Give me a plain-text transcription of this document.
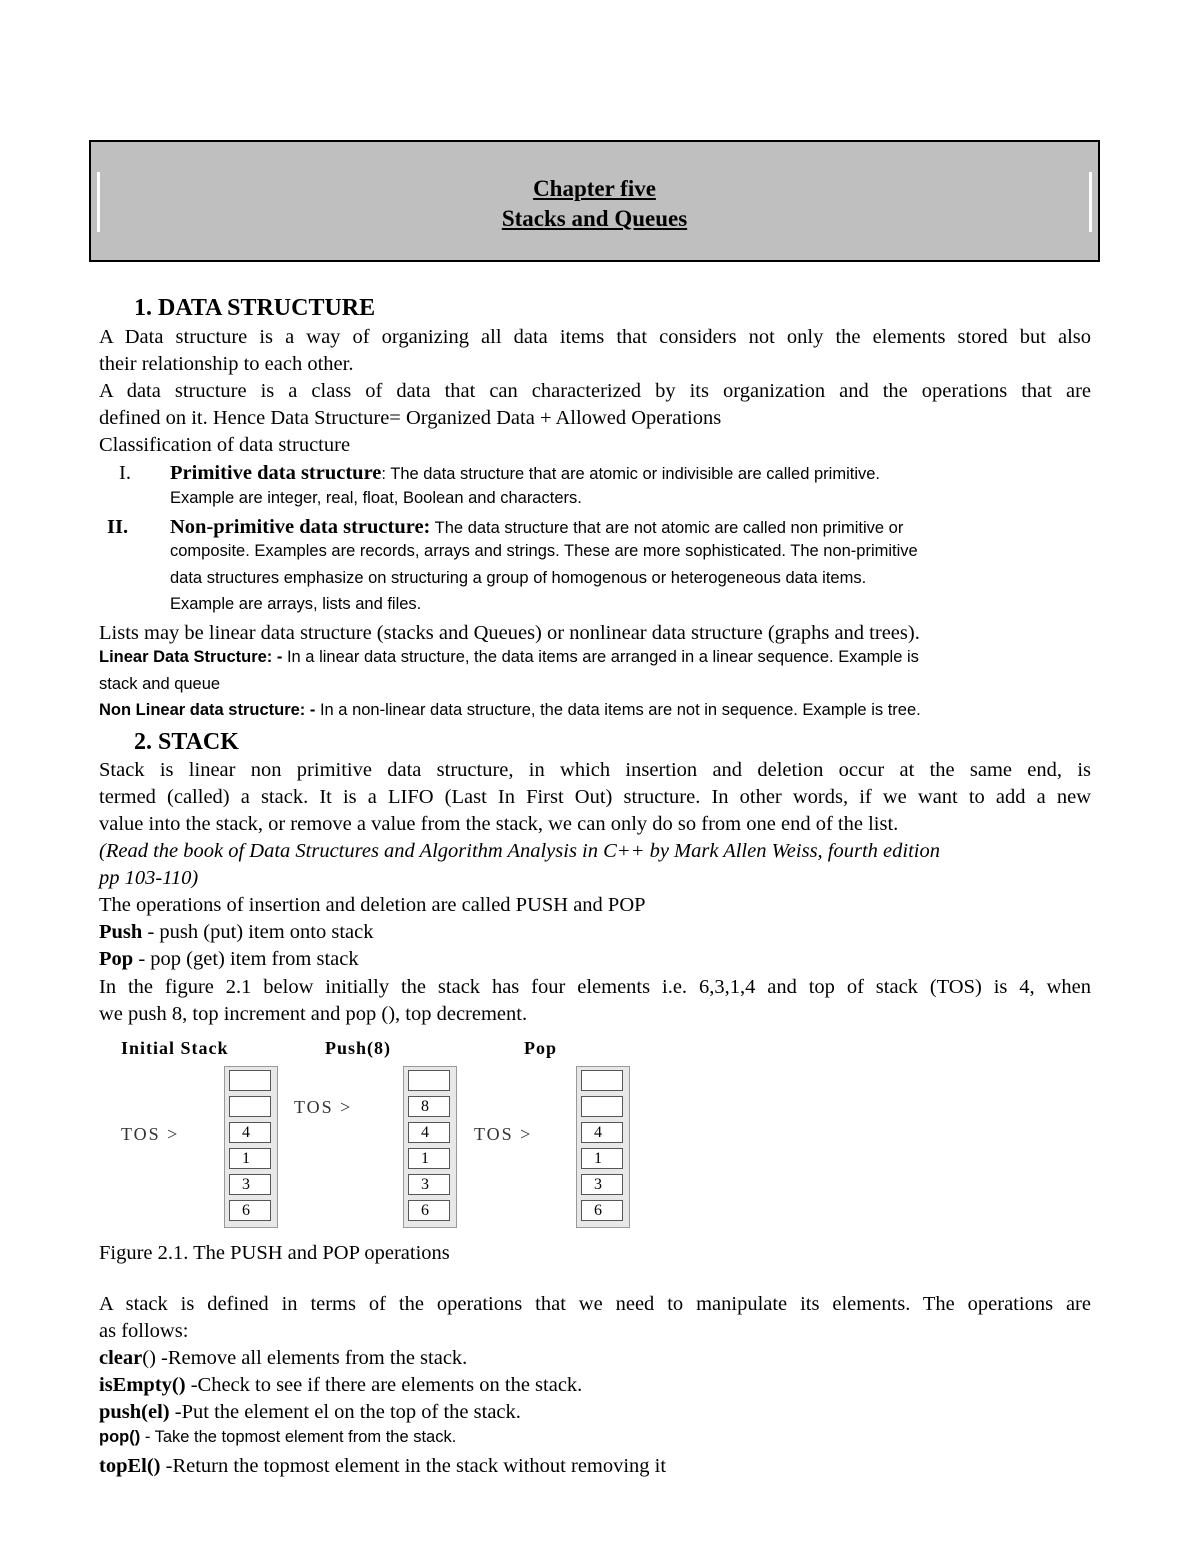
Chapter five
Stacks and Queues
1. DATA STRUCTURE
A Data structure is a way of organizing all data items that considers not only the elements stored but also
their relationship to each other.
A data structure is a class of data that can characterized by its organization and the operations that are
defined on it. Hence Data Structure= Organized Data + Allowed Operations
Classification of data structure
I. Primitive data structure: The data structure that are atomic or indivisible are called primitive.
Example are integer, real, float, Boolean and characters.
II. Non-primitive data structure: The data structure that are not atomic are called non primitive or
composite. Examples are records, arrays and strings. These are more sophisticated. The non-primitive
data structures emphasize on structuring a group of homogenous or heterogeneous data items.
Example are arrays, lists and files.
Lists may be linear data structure (stacks and Queues) or nonlinear data structure (graphs and trees).
Linear Data Structure: - In a linear data structure, the data items are arranged in a linear sequence. Example is
stack and queue
Non Linear data structure: - In a non-linear data structure, the data items are not in sequence. Example is tree.
2. STACK
Stack is linear non primitive data structure, in which insertion and deletion occur at the same end, is
termed (called) a stack. It is a LIFO (Last In First Out) structure. In other words, if we want to add a new
value into the stack, or remove a value from the stack, we can only do so from one end of the list.
(Read the book of Data Structures and Algorithm Analysis in C++ by Mark Allen Weiss, fourth edition
pp 103-110)
The operations of insertion and deletion are called PUSH and POP
Push - push (put) item onto stack
Pop - pop (get) item from stack
In the figure 2.1 below initially the stack has four elements i.e. 6,3,1,4 and top of stack (TOS) is 4, when
we push 8, top increment and pop (), top decrement.
Initial Stack	Push(8)	Pop
TOS >
TOS >
TOS >
4
1
3
6
8
4
1
3
6
4
1
3
6
Figure 2.1. The PUSH and POP operations
A stack is defined in terms of the operations that we need to manipulate its elements. The operations are
as follows:
clear() -Remove all elements from the stack.
isEmpty() -Check to see if there are elements on the stack.
push(el) -Put the element el on the top of the stack.
pop() - Take the topmost element from the stack.
topEl() -Return the topmost element in the stack without removing it
